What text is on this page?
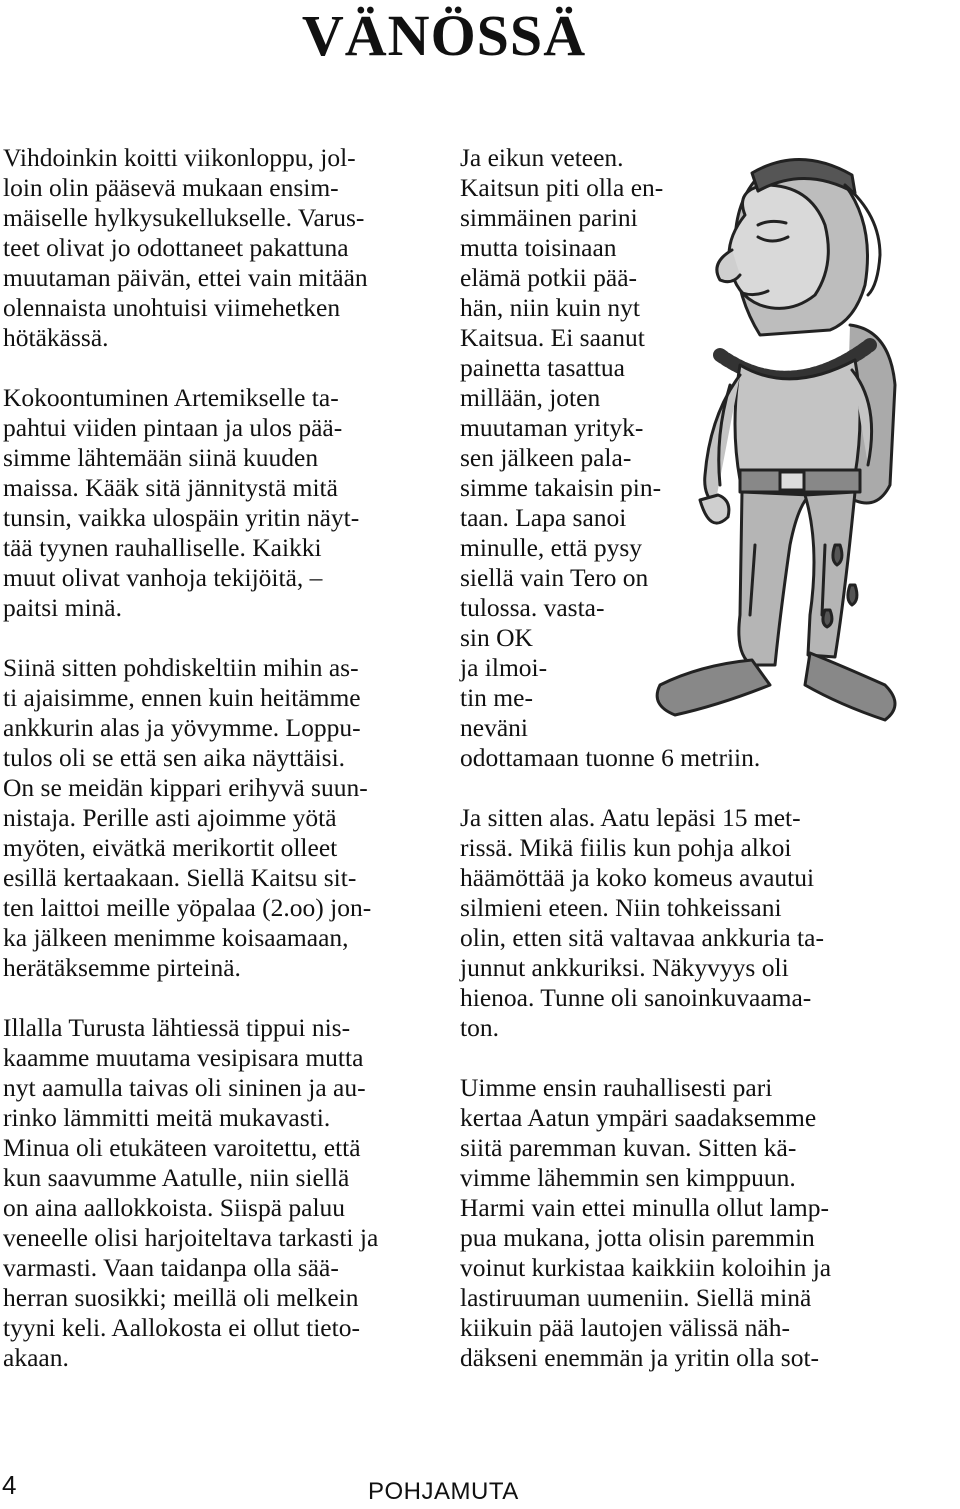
VÄNÖSSÄ
Vihdoinkin koitti viikonloppu, jol-
loin olin pääsevä mukaan ensim-
mäiselle hylkysukellukselle. Varus-
teet olivat jo odottaneet pakattuna
muutaman päivän, ettei vain mitään
olennaista unohtuisi viimehetken
hötäkässä.
Kokoontuminen Artemikselle ta-
pahtui viiden pintaan ja ulos pää-
simme lähtemään siinä kuuden
maissa. Kääk sitä jännitystä mitä
tunsin, vaikka ulospäin yritin näyt-
tää tyynen rauhalliselle. Kaikki
muut olivat vanhoja tekijöitä, –
paitsi minä.
Siinä sitten pohdiskeltiin mihin as-
ti ajaisimme, ennen kuin heitämme
ankkurin alas ja yövymme. Loppu-
tulos oli se että sen aika näyttäisi.
On se meidän kippari erihyvä suun-
nistaja. Perille asti ajoimme yötä
myöten, eivätkä merikortit olleet
esillä kertaakaan. Siellä Kaitsu sit-
ten laittoi meille yöpalaa (2.oo) jon-
ka jälkeen menimme koisaamaan,
herätäksemme pirteinä.
Illalla Turusta lähtiessä tippui nis-
kaamme muutama vesipisara mutta
nyt aamulla taivas oli sininen ja au-
rinko lämmitti meitä mukavasti.
Minua oli etukäteen varoitettu, että
kun saavumme Aatulle, niin siellä
on aina aallokkoista. Siispä paluu
veneelle olisi harjoiteltava tarkasti ja
varmasti. Vaan taidanpa olla sää-
herran suosikki; meillä oli melkein
tyyni keli. Aallokosta ei ollut tieto-
akaan.
Ja eikun veteen.
Kaitsun piti olla en-
simmäinen parini
mutta toisinaan
elämä potkii pää-
hän, niin kuin nyt
Kaitsua. Ei saanut
painetta tasattua
millään, joten
muutaman yrityk-
sen jälkeen pala-
simme takaisin pin-
taan. Lapa sanoi
minulle, että pysy
siellä vain Tero on
tulossa. vasta-
sin OK
ja ilmoi-
tin me-
neväni
odottamaan tuonne 6 metriin.
Ja sitten alas. Aatu lepäsi 15 met-
rissä. Mikä fiilis kun pohja alkoi
häämöttää ja koko komeus avautui
silmieni eteen. Niin tohkeissani
olin, etten sitä valtavaa ankkuria ta-
junnut ankkuriksi. Näkyvyys oli
hienoa. Tunne oli sanoinkuvaama-
ton.
Uimme ensin rauhallisesti pari
kertaa Aatun ympäri saadaksemme
siitä paremman kuvan. Sitten kä-
vimme lähemmin sen kimppuun.
Harmi vain ettei minulla ollut lamp-
pua mukana, jotta olisin paremmin
voinut kurkistaa kaikkiin koloihin ja
lastiruuman uumeniin. Siellä minä
kiikuin pää lautojen välissä näh-
däkseni enemmän ja yritin olla sot-
4	POHJAMUTA
